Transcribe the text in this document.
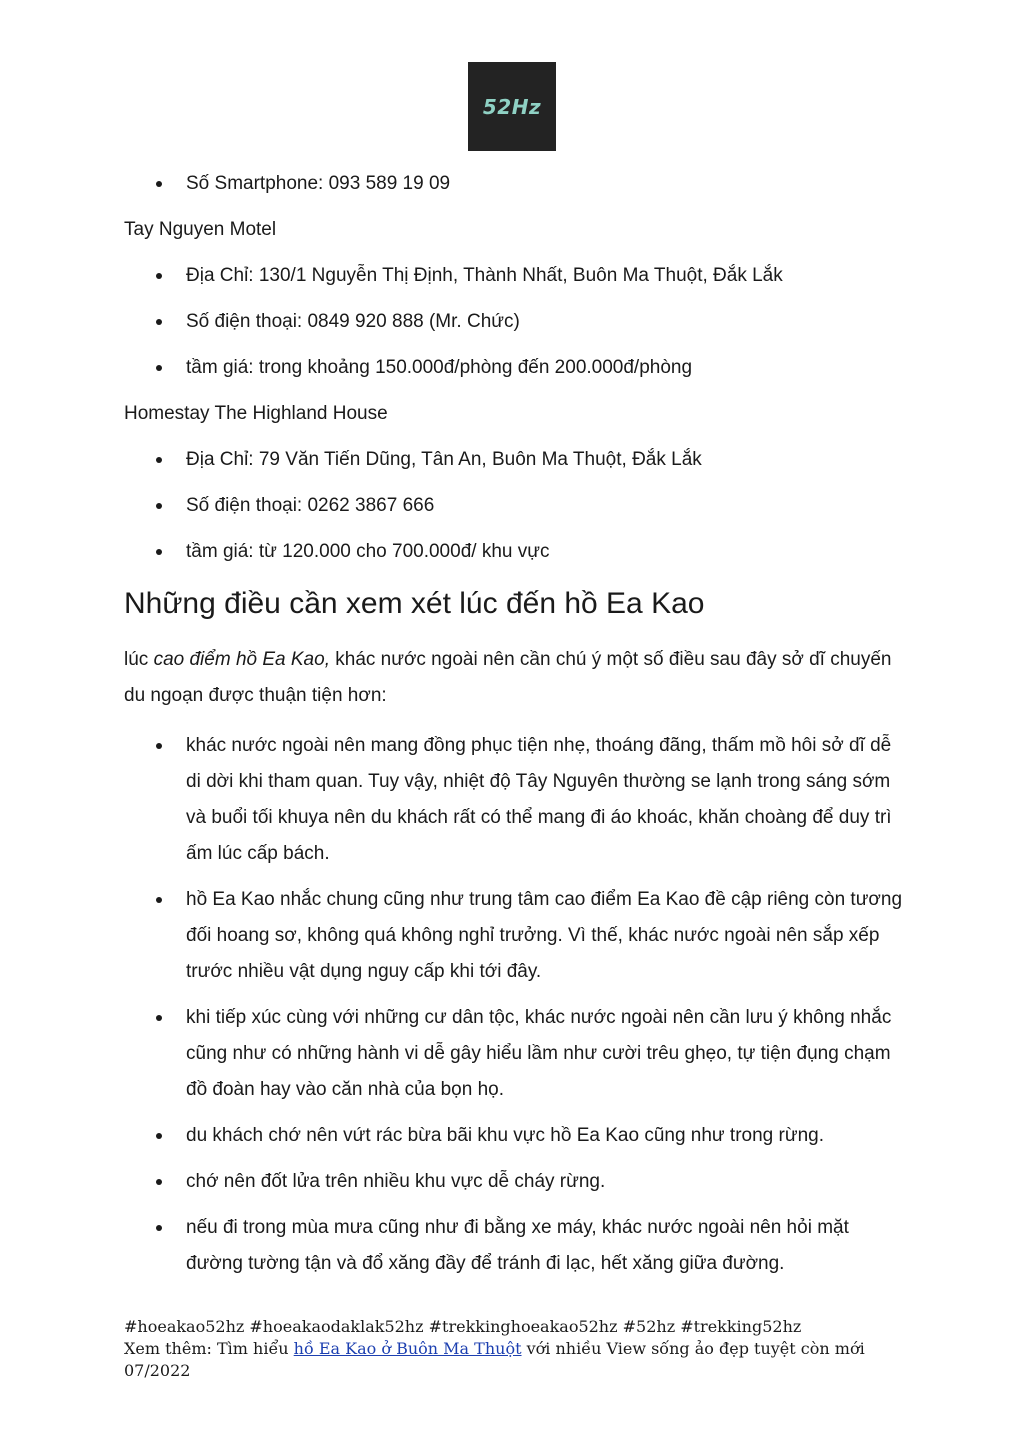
52Hz
Số Smartphone: 093 589 19 09
Tay Nguyen Motel
Địa Chỉ: 130/1 Nguyễn Thị Định, Thành Nhất, Buôn Ma Thuột, Đắk Lắk
Số điện thoại: 0849 920 888 (Mr. Chức)
tầm giá: trong khoảng 150.000đ/phòng đến 200.000đ/phòng
Homestay The Highland House
Địa Chỉ: 79 Văn Tiến Dũng, Tân An, Buôn Ma Thuột, Đắk Lắk
Số điện thoại: 0262 3867 666
tầm giá: từ 120.000 cho 700.000đ/ khu vực
Những điều cần xem xét lúc đến hồ Ea Kao
lúc cao điểm hồ Ea Kao, khác nước ngoài nên cần chú ý một số điều sau đây sở dĩ chuyến du ngoạn được thuận tiện hơn:
khác nước ngoài nên mang đồng phục tiện nhẹ, thoáng đãng, thấm mồ hôi sở dĩ dễ di dời khi tham quan. Tuy vậy, nhiệt độ Tây Nguyên thường se lạnh trong sáng sớm và buổi tối khuya nên du khách rất có thể mang đi áo khoác, khăn choàng để duy trì ấm lúc cấp bách.
hồ Ea Kao nhắc chung cũng như trung tâm cao điểm Ea Kao đề cập riêng còn tương đối hoang sơ, không quá không nghỉ trưởng. Vì thế, khác nước ngoài nên sắp xếp trước nhiều vật dụng nguy cấp khi tới đây.
khi tiếp xúc cùng với những cư dân tộc, khác nước ngoài nên cần lưu ý không nhắc cũng như có những hành vi dễ gây hiểu lầm như cười trêu ghẹo, tự tiện đụng chạm đồ đoàn hay vào căn nhà của bọn họ.
du khách chớ nên vứt rác bừa bãi khu vực hồ Ea Kao cũng như trong rừng.
chớ nên đốt lửa trên nhiều khu vực dễ cháy rừng.
nếu đi trong mùa mưa cũng như đi bằng xe máy, khác nước ngoài nên hỏi mặt đường tường tận và đổ xăng đầy để tránh đi lạc, hết xăng giữa đường.
#hoeakao52hz #hoeakaodaklak52hz #trekkinghoeakao52hz #52hz #trekking52hz
Xem thêm: Tìm hiểu hồ Ea Kao ở Buôn Ma Thuột với nhiều View sống ảo đẹp tuyệt còn mới 07/2022
